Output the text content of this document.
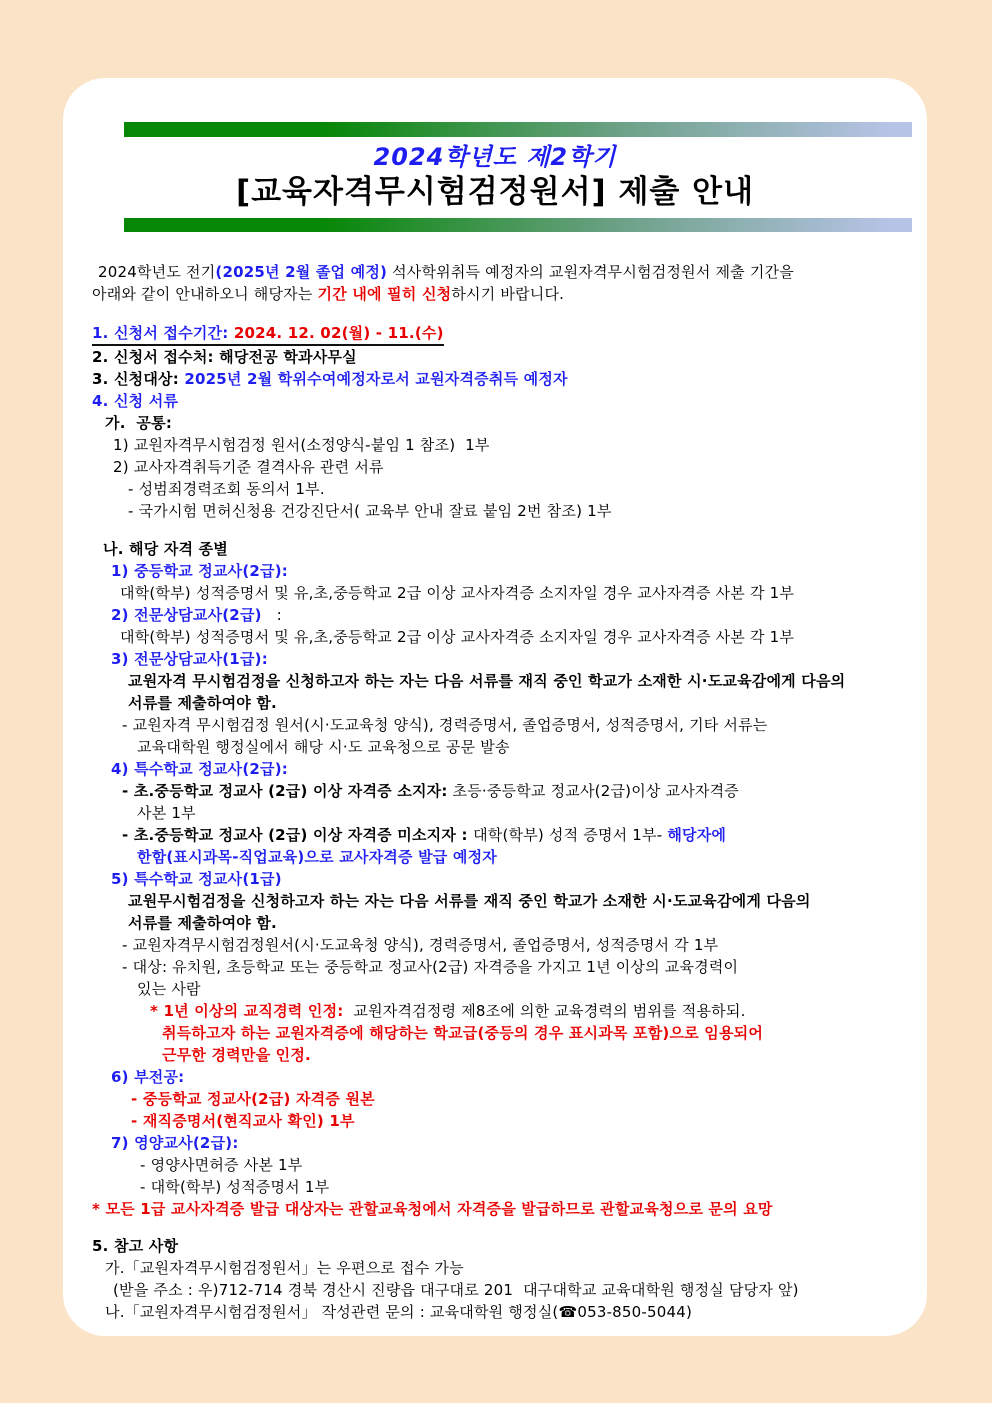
2024학년도 제2학기
[교육자격무시험검정원서] 제출 안내
2024학년도 전기(2025년 2월 졸업 예정) 석사학위취득 예정자의 교원자격무시험검정원서 제출 기간을
아래와 같이 안내하오니 해당자는 기간 내에 필히 신청하시기 바랍니다.
1. 신청서 접수기간: 2024. 12. 02(월) - 11.(수)
2. 신청서 접수처: 해당전공 학과사무실
3. 신청대상: 2025년 2월 학위수여예정자로서 교원자격증취득 예정자
4. 신청 서류
가.  공통:
1) 교원자격무시험검정 원서(소정양식-붙임 1 참조)  1부
2) 교사자격취득기준 결격사유 관련 서류
- 성범죄경력조회 동의서 1부.
- 국가시험 면허신청용 건강진단서( 교육부 안내 잘료 붙임 2번 참조) 1부
나. 해당 자격 종별
1) 중등학교 정교사(2급):
대학(학부) 성적증명서 및 유,초,중등학교 2급 이상 교사자격증 소지자일 경우 교사자격증 사본 각 1부
2) 전문상담교사(2급)   :
대학(학부) 성적증명서 및 유,초,중등학교 2급 이상 교사자격증 소지자일 경우 교사자격증 사본 각 1부
3) 전문상담교사(1급):
교원자격 무시험검정을 신청하고자 하는 자는 다음 서류를 재직 중인 학교가 소재한 시·도교육감에게 다음의
서류를 제출하여야 함.
- 교원자격 무시험검정 원서(시·도교육청 양식), 경력증명서, 졸업증명서, 성적증명서, 기타 서류는
교육대학원 행정실에서 해당 시·도 교육청으로 공문 발송
4) 특수학교 정교사(2급):
- 초.중등학교 정교사 (2급) 이상 자격증 소지자: 초등·중등학교 정교사(2급)이상 교사자격증
사본 1부
- 초.중등학교 정교사 (2급) 이상 자격증 미소지자 : 대학(학부) 성적 증명서 1부- 해당자에
한함(표시과목-직업교육)으로 교사자격증 발급 예정자
5) 특수학교 정교사(1급)
교원무시험검정을 신청하고자 하는 자는 다음 서류를 재직 중인 학교가 소재한 시·도교육감에게 다음의
서류를 제출하여야 함.
- 교원자격무시험검정원서(시·도교육청 양식), 경력증명서, 졸업증명서, 성적증명서 각 1부
- 대상: 유치원, 초등학교 또는 중등학교 정교사(2급) 자격증을 가지고 1년 이상의 교육경력이
있는 사람
* 1년 이상의 교직경력 인정:  교원자격검정령 제8조에 의한 교육경력의 범위를 적용하되.
취득하고자 하는 교원자격증에 해당하는 학교급(중등의 경우 표시과목 포함)으로 임용되어
근무한 경력만을 인정.
6) 부전공:
- 중등학교 정교사(2급) 자격증 원본
- 재직증명서(현직교사 확인) 1부
7) 영양교사(2급):
- 영양사면허증 사본 1부
- 대학(학부) 성적증명서 1부
* 모든 1급 교사자격증 발급 대상자는 관할교육청에서 자격증을 발급하므로 관할교육청으로 문의 요망
5. 참고 사항
가.「교원자격무시험검정원서」는 우편으로 접수 가능
(받을 주소 : 우)712-714 경북 경산시 진량읍 대구대로 201  대구대학교 교육대학원 행정실 담당자 앞)
나.「교원자격무시험검정원서」 작성관련 문의 : 교육대학원 행정실(☎053-850-5044)
